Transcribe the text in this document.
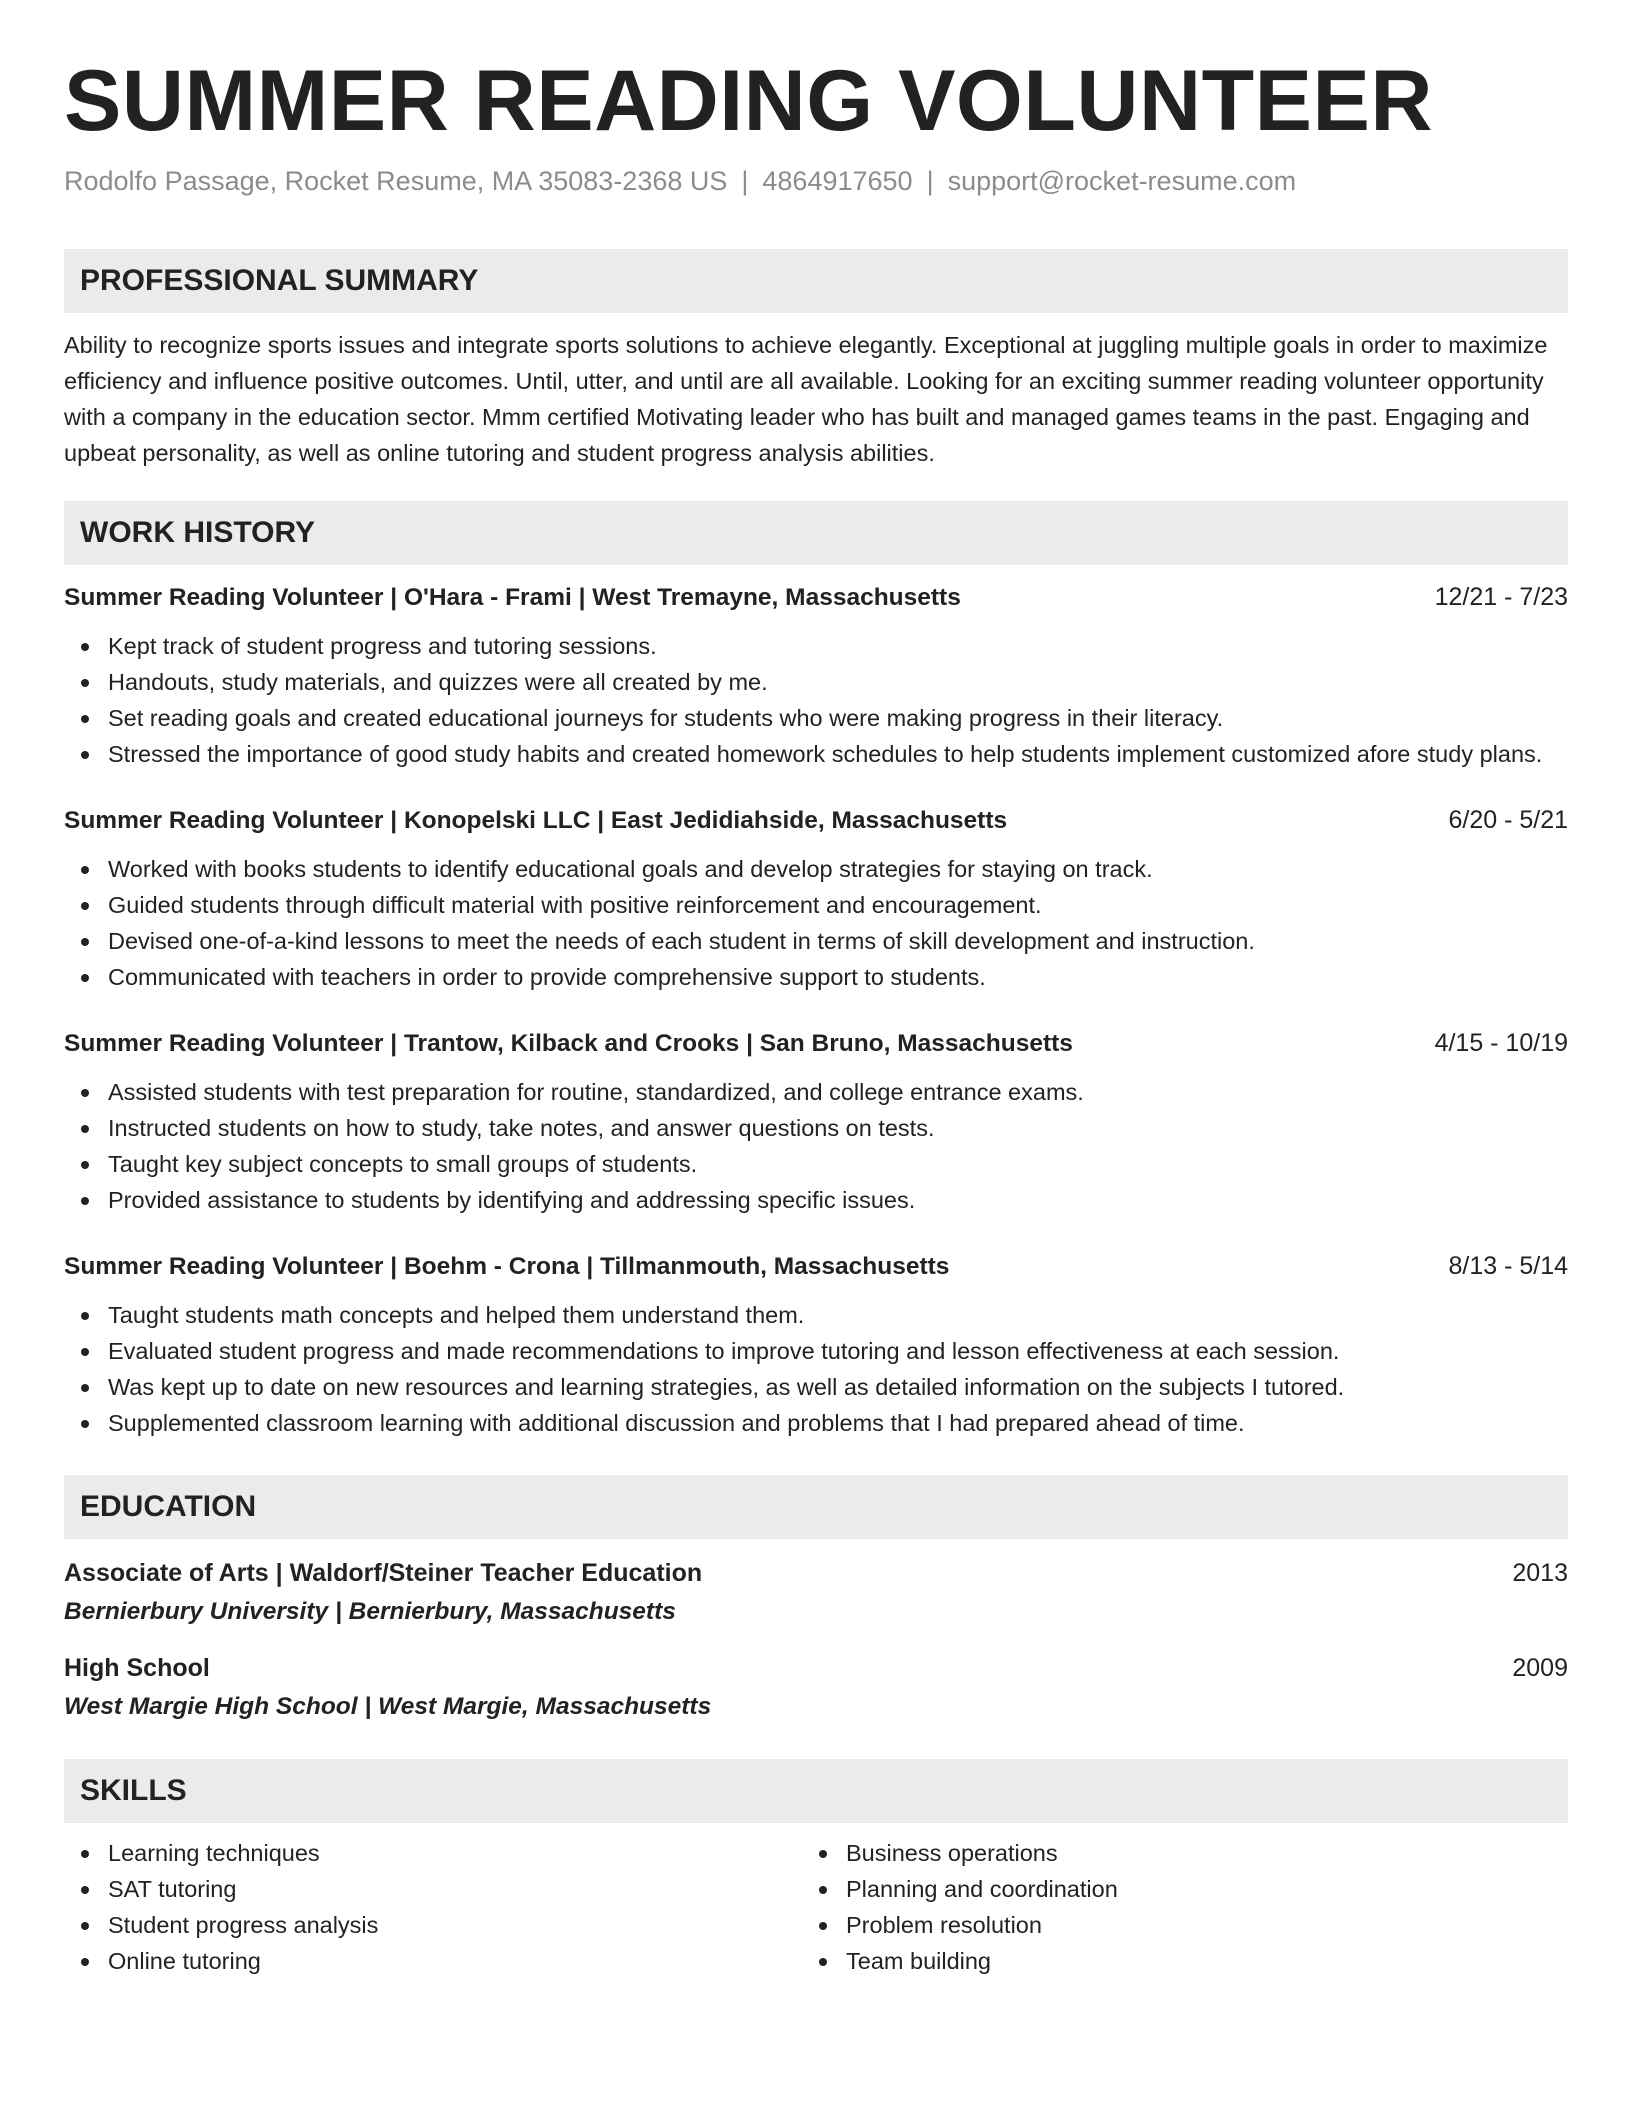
SUMMER READING VOLUNTEER
Rodolfo Passage, Rocket Resume, MA 35083-2368 US | 4864917650 | support@rocket-resume.com
PROFESSIONAL SUMMARY

Ability to recognize sports issues and integrate sports solutions to achieve elegantly. Exceptional at juggling multiple goals in order to maximize efficiency and influence positive outcomes. Until, utter, and until are all available. Looking for an exciting summer reading volunteer opportunity with a company in the education sector. Mmm certified Motivating leader who has built and managed games teams in the past. Engaging and upbeat personality, as well as online tutoring and student progress analysis abilities.

WORK HISTORY
Summer Reading Volunteer | O'Hara - Frami | West Tremayne, Massachusetts	12/21 - 7/23
Kept track of student progress and tutoring sessions.
Handouts, study materials, and quizzes were all created by me.
Set reading goals and created educational journeys for students who were making progress in their literacy.
Stressed the importance of good study habits and created homework schedules to help students implement customized afore study plans.
Summer Reading Volunteer | Konopelski LLC | East Jedidiahside, Massachusetts	6/20 - 5/21
Worked with books students to identify educational goals and develop strategies for staying on track.
Guided students through difficult material with positive reinforcement and encouragement.
Devised one-of-a-kind lessons to meet the needs of each student in terms of skill development and instruction.
Communicated with teachers in order to provide comprehensive support to students.
Summer Reading Volunteer | Trantow, Kilback and Crooks | San Bruno, Massachusetts	4/15 - 10/19
Assisted students with test preparation for routine, standardized, and college entrance exams.
Instructed students on how to study, take notes, and answer questions on tests.
Taught key subject concepts to small groups of students.
Provided assistance to students by identifying and addressing specific issues.
Summer Reading Volunteer | Boehm - Crona | Tillmanmouth, Massachusetts	8/13 - 5/14
Taught students math concepts and helped them understand them.
Evaluated student progress and made recommendations to improve tutoring and lesson effectiveness at each session.
Was kept up to date on new resources and learning strategies, as well as detailed information on the subjects I tutored.
Supplemented classroom learning with additional discussion and problems that I had prepared ahead of time.
EDUCATION
Associate of Arts | Waldorf/Steiner Teacher Education	2013
Bernierbury University | Bernierbury, Massachusetts
High School	2009
West Margie High School | West Margie, Massachusetts
SKILLS
Learning techniques
SAT tutoring
Student progress analysis
Online tutoring
Business operations
Planning and coordination
Problem resolution
Team building
